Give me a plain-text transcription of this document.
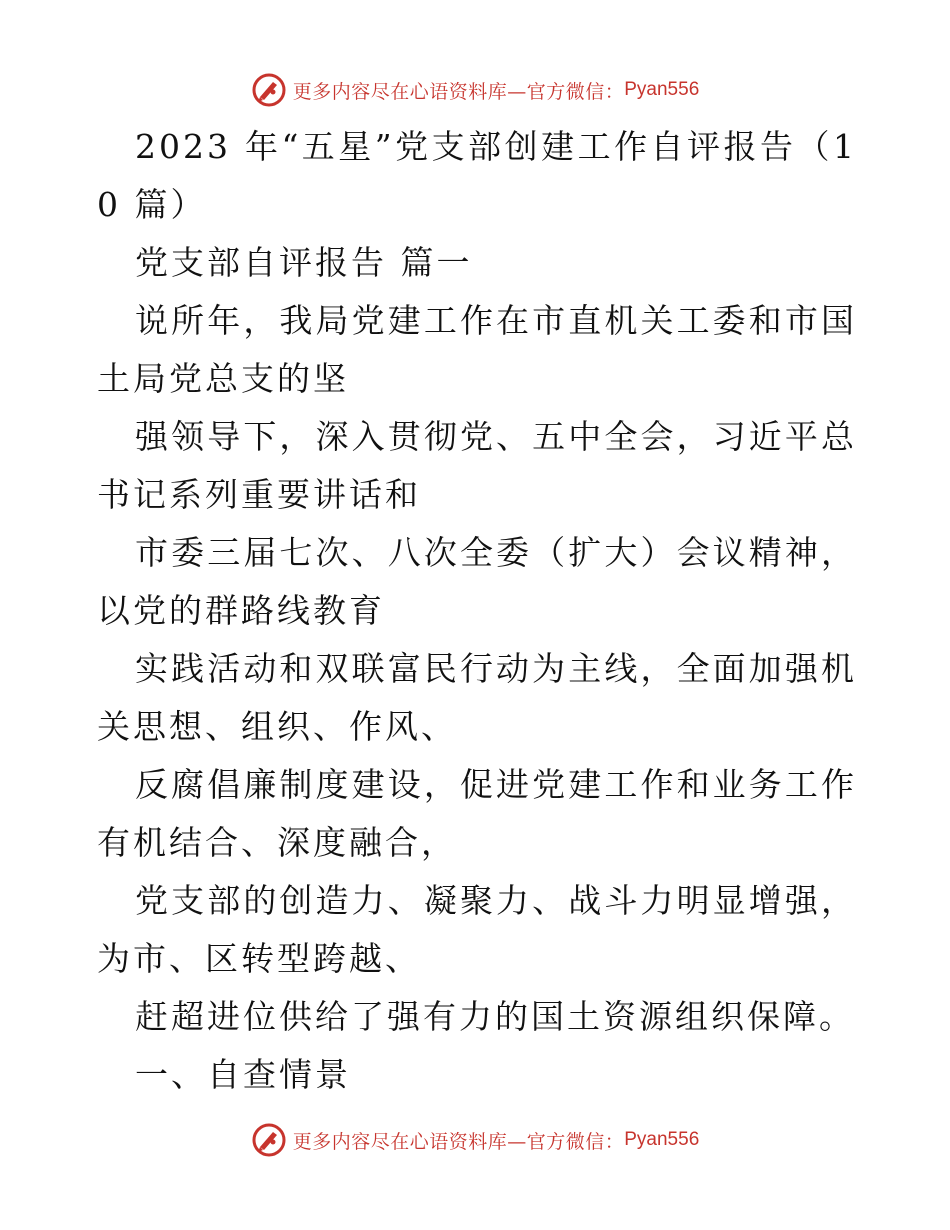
更多内容尽在心语资料库—官方微信： Pyan556

2023 年“五星”党支部创建工作自评报告（10 篇）

党支部自评报告 篇一

说所年，我局党建工作在市直机关工委和市国土局党总支的坚

强领导下，深入贯彻党、五中全会，习近平总书记系列重要讲话和

市委三届七次、八次全委（扩大）会议精神，以党的群路线教育

实践活动和双联富民行动为主线，全面加强机关思想、组织、作风、

反腐倡廉制度建设，促进党建工作和业务工作有机结合、深度融合，

党支部的创造力、凝聚力、战斗力明显增强，为市、区转型跨越、

赶超进位供给了强有力的国土资源组织保障。

一、自查情景

更多内容尽在心语资料库—官方微信： Pyan556
